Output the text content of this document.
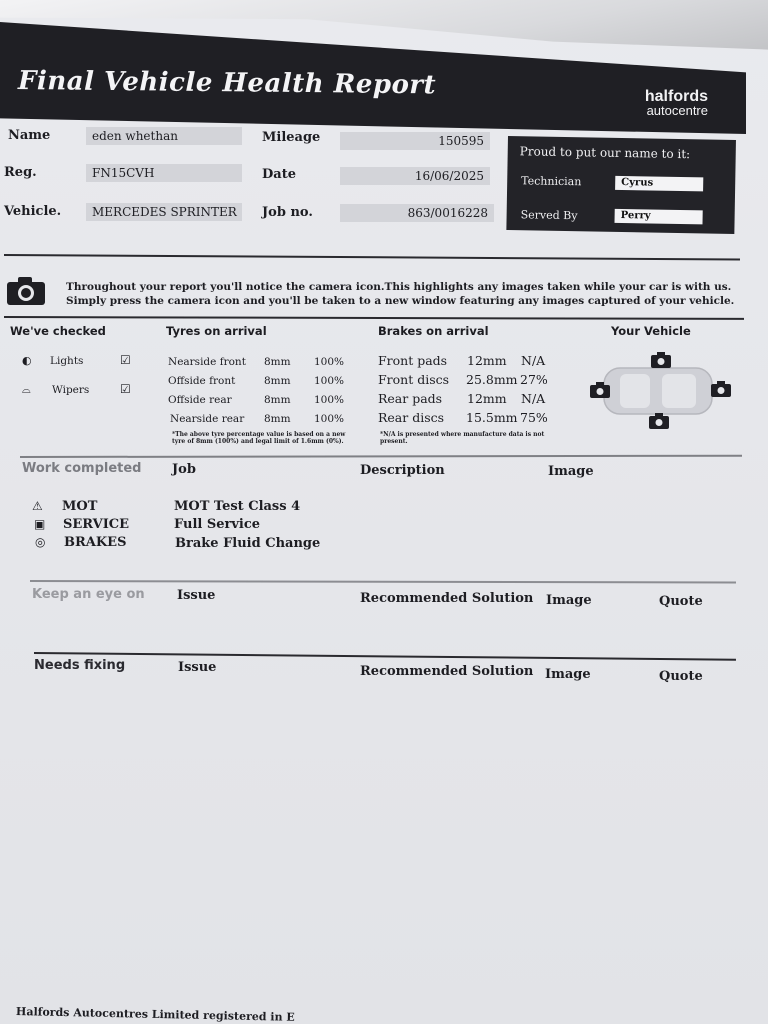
Final Vehicle Health Report	halfords
autocentre
Name	eden whethan
Reg.	FN15CVH
Vehicle.	MERCEDES SPRINTER
Mileage	150595
Date	16/06/2025
Job no.	863/0016228
Proud to put our name to it:
Technician	Cyrus
Served By	Perry
Throughout your report you'll notice the camera icon.This highlights any images taken while your car is with us. Simply press the camera icon and you'll be taken to a new window featuring any images captured of your vehicle.
We've checked
◐ Lights	☑
⌓ Wipers	☑
Tyres on arrival
Nearside front 8mm 100%
Offside front	8mm 100%
Offside rear	8mm 100%
Nearside rear 8mm 100%
*The above tyre percentage value is based on a new tyre of 8mm (100%) and legal limit of 1.6mm (0%).
Brakes on arrival
Front pads 12mm N/A
Front discs 25.8mm 27%
Rear pads 12mm N/A
Rear discs 15.5mm 75%
*N/A is presented where manufacture data is not present.
Your Vehicle
Work completed Job	Description	Image
⚠ MOT	MOT Test Class 4
▣ SERVICE	Full Service
◎ BRAKES	Brake Fluid Change
Keep an eye on Issue	Recommended Solution Image	Quote
Needs fixing	Issue	Recommended Solution Image	Quote
Halfords Autocentres Limited registered in E
